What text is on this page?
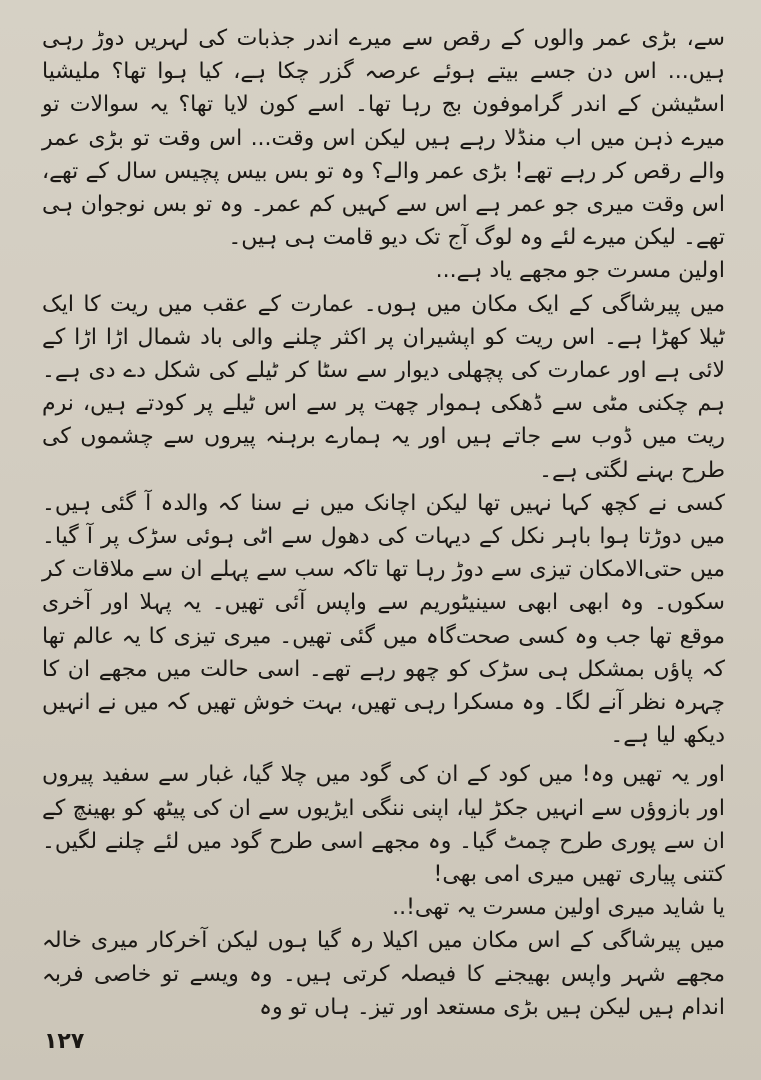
سے، بڑی عمر والوں کے رقص سے میرے اندر جذبات کی لہریں دوڑ رہی ہیں... اس دن جسے بیتے ہوئے عرصہ گزر چکا ہے، کیا ہوا تھا؟ ملیشیا اسٹیشن کے اندر گراموفون بج رہا تھا۔ اسے کون لایا تھا؟ یہ سوالات تو میرے ذہن میں اب منڈلا رہے ہیں لیکن اس وقت... اس وقت تو بڑی عمر والے رقص کر رہے تھے! بڑی عمر والے؟ وہ تو بس بیس پچیس سال کے تھے، اس وقت میری جو عمر ہے اس سے کہیں کم عمر۔ وہ تو بس نوجوان ہی تھے۔ لیکن میرے لئے وہ لوگ آج تک دیو قامت ہی ہیں۔

اولین مسرت جو مجھے یاد ہے...

میں پیرشاگی کے ایک مکان میں ہوں۔ عمارت کے عقب میں ریت کا ایک ٹیلا کھڑا ہے۔ اس ریت کو اپشیران پر اکثر چلنے والی باد شمال اڑا اڑا کے لائی ہے اور عمارت کی پچھلی دیوار سے سٹا کر ٹیلے کی شکل دے دی ہے۔ ہم چکنی مٹی سے ڈھکی ہموار چھت پر سے اس ٹیلے پر کودتے ہیں، نرم ریت میں ڈوب سے جاتے ہیں اور یہ ہمارے برہنہ پیروں سے چشموں کی طرح بہنے لگتی ہے۔

کسی نے کچھ کہا نہیں تھا لیکن اچانک میں نے سنا کہ والدہ آ گئی ہیں۔ میں دوڑتا ہوا باہر نکل کے دیہات کی دھول سے اٹی ہوئی سڑک پر آ گیا۔ میں حتی‌الامکان تیزی سے دوڑ رہا تھا تاکہ سب سے پہلے ان سے ملاقات کر سکوں۔ وہ ابھی ابھی سینیٹوریم سے واپس آئی تھیں۔ یہ پہلا اور آخری موقع تھا جب وہ کسی صحت‌گاہ میں گئی تھیں۔ میری تیزی کا یہ عالم تھا کہ پاؤں بمشکل ہی سڑک کو چھو رہے تھے۔ اسی حالت میں مجھے ان کا چہرہ نظر آنے لگا۔ وہ مسکرا رہی تھیں، بہت خوش تھیں کہ میں نے انہیں دیکھ لیا ہے۔

اور یہ تھیں وہ! میں کود کے ان کی گود میں چلا گیا، غبار سے سفید پیروں اور بازوؤں سے انہیں جکڑ لیا، اپنی ننگی ایڑیوں سے ان کی پیٹھ کو بھینچ کے ان سے پوری طرح چمٹ گیا۔ وہ مجھے اسی طرح گود میں لئے چلنے لگیں۔ کتنی پیاری تھیں میری امی بھی!

یا شاید میری اولین مسرت یہ تھی!..

میں پیرشاگی کے اس مکان میں اکیلا رہ گیا ہوں لیکن آخرکار میری خالہ مجھے شہر واپس بھیجنے کا فیصلہ کرتی ہیں۔ وہ ویسے تو خاصی فربہ اندام ہیں لیکن ہیں بڑی مستعد اور تیز۔ ہاں تو وہ

۱۲۷
